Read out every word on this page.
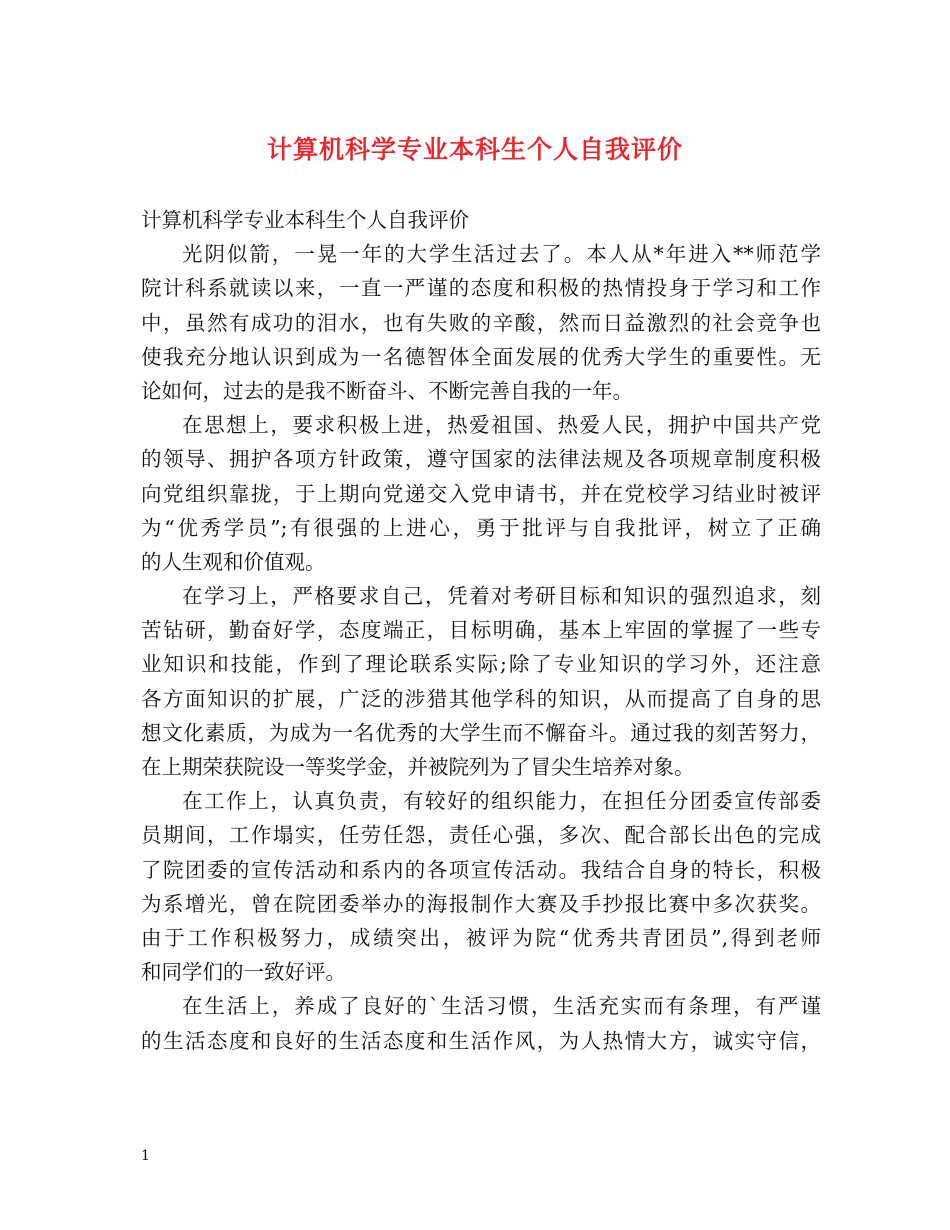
计算机科学专业本科生个人自我评价
计算机科学专业本科生个人自我评价
光阴似箭，一晃一年的大学生活过去了。本人从*年进入**师范学
院计科系就读以来，一直一严谨的态度和积极的热情投身于学习和工作
中，虽然有成功的泪水，也有失败的辛酸，然而日益激烈的社会竞争也
使我充分地认识到成为一名德智体全面发展的优秀大学生的重要性。无
论如何，过去的是我不断奋斗、不断完善自我的一年。
在思想上，要求积极上进，热爱祖国、热爱人民，拥护中国共产党
的领导、拥护各项方针政策，遵守国家的法律法规及各项规章制度积极
向党组织靠拢，于上期向党递交入党申请书，并在党校学习结业时被评
为“优秀学员”;有很强的上进心，勇于批评与自我批评，树立了正确
的人生观和价值观。
在学习上，严格要求自己，凭着对考研目标和知识的强烈追求，刻
苦钻研，勤奋好学，态度端正，目标明确，基本上牢固的掌握了一些专
业知识和技能，作到了理论联系实际;除了专业知识的学习外，还注意
各方面知识的扩展，广泛的涉猎其他学科的知识，从而提高了自身的思
想文化素质，为成为一名优秀的大学生而不懈奋斗。通过我的刻苦努力，
在上期荣获院设一等奖学金，并被院列为了冒尖生培养对象。
在工作上，认真负责，有较好的组织能力，在担任分团委宣传部委
员期间，工作塌实，任劳任怨，责任心强，多次、配合部长出色的完成
了院团委的宣传活动和系内的各项宣传活动。我结合自身的特长，积极
为系增光，曾在院团委举办的海报制作大赛及手抄报比赛中多次获奖。
由于工作积极努力，成绩突出，被评为院“优秀共青团员”,得到老师
和同学们的一致好评。
在生活上，养成了良好的`生活习惯，生活充实而有条理，有严谨
的生活态度和良好的生活态度和生活作风，为人热情大方，诚实守信，
1
